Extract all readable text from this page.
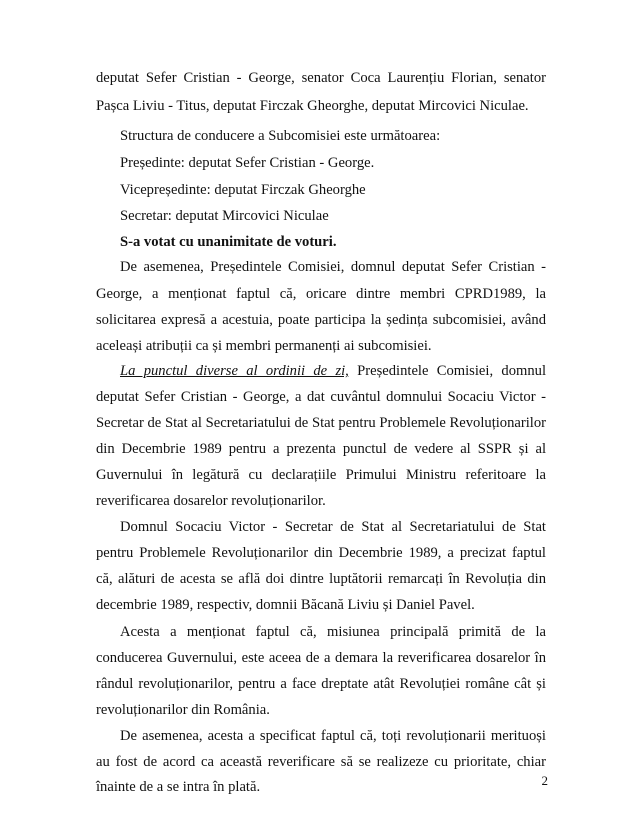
deputat Sefer Cristian - George, senator Coca Laurențiu Florian, senator

Pașca Liviu - Titus, deputat Firczak Gheorghe, deputat Mircovici Niculae.

Structura de conducere a Subcomisiei este următoarea:

Președinte: deputat Sefer Cristian - George.

Vicepreședinte: deputat Firczak Gheorghe

Secretar: deputat Mircovici Niculae

S-a votat cu unanimitate de voturi.

De asemenea, Președintele Comisiei, domnul deputat Sefer Cristian -

George, a menționat faptul că, oricare dintre membri CPRD1989, la

solicitarea expresă a acestuia, poate participa la ședința subcomisiei, având

aceleași atribuții ca și membri permanenți ai subcomisiei.

La punctul diverse al ordinii de zi, Președintele Comisiei, domnul

deputat Sefer Cristian - George, a dat cuvântul domnului Socaciu Victor -

Secretar de Stat al Secretariatului de Stat pentru Problemele Revoluționarilor

din Decembrie 1989 pentru a prezenta punctul de vedere al SSPR și al

Guvernului în legătură cu declarațiile Primului Ministru referitoare la

reverificarea dosarelor revoluționarilor.

Domnul Socaciu Victor - Secretar de Stat al Secretariatului de Stat

pentru Problemele Revoluționarilor din Decembrie 1989, a precizat faptul

că, alături de acesta se află doi dintre luptătorii remarcați în Revoluția din

decembrie 1989, respectiv, domnii Băcană Liviu și Daniel Pavel.

Acesta a menționat faptul că, misiunea principală primită de la

conducerea Guvernului, este aceea de a demara la reverificarea dosarelor în

rândul revoluționarilor, pentru a face dreptate atât Revoluției române cât și

revoluționarilor din România.

De asemenea, acesta a specificat faptul că, toți revoluționarii merituoși

au fost de acord ca această reverificare să se realizeze cu prioritate, chiar

înainte de a se intra în plată.	2
